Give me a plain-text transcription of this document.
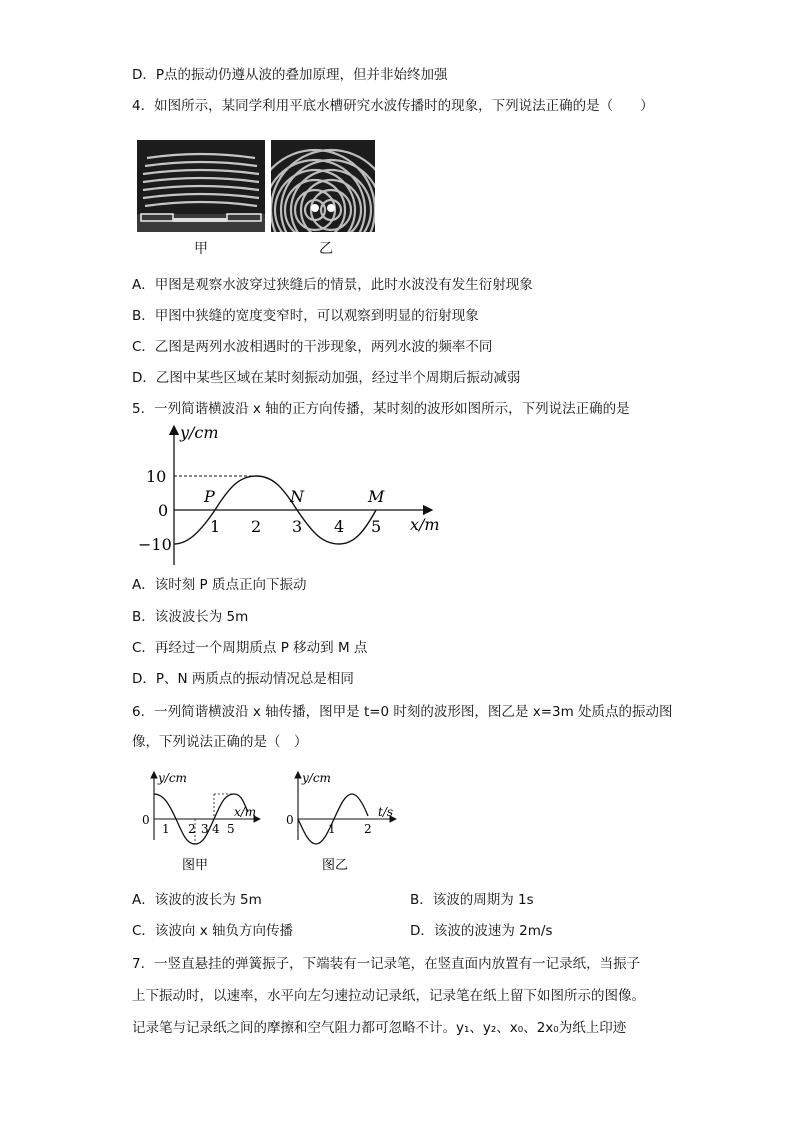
D．P点的振动仍遵从波的叠加原理，但并非始终加强
4．如图所示，某同学利用平底水槽研究水波传播时的现象，下列说法正确的是（　　）
甲	乙
A．甲图是观察水波穿过狭缝后的情景，此时水波没有发生衍射现象
B．甲图中狭缝的宽度变窄时，可以观察到明显的衍射现象
C．乙图是两列水波相遇时的干涉现象，两列水波的频率不同
D．乙图中某些区域在某时刻振动加强，经过半个周期后振动减弱
5．一列简谐横波沿 x 轴的正方向传播，某时刻的波形如图所示，下列说法正确的是
y/cm
x/m
10
0
−10
1 2 3 4 5
P	N	M
A．该时刻 P 质点正向下振动
B．该波波长为 5m
C．再经过一个周期质点 P 移动到 M 点
D．P、N 两质点的振动情况总是相同
6．一列简谐横波沿 x 轴传播，图甲是 t=0 时刻的波形图，图乙是 x=3m 处质点的振动图
像，下列说法正确的是（　）
y/cm
x/m
0
1 2 3 4 5
图甲
y/cm
t/s
0
1 2
图乙
A．该波的波长为 5m	B．该波的周期为 1s
C．该波向 x 轴负方向传播	D．该波的波速为 2m/s
7．一竖直悬挂的弹簧振子，下端装有一记录笔，在竖直面内放置有一记录纸，当振子
上下振动时，以速率，水平向左匀速拉动记录纸，记录笔在纸上留下如图所示的图像。
记录笔与记录纸之间的摩擦和空气阻力都可忽略不计。y₁、y₂、x₀、2x₀为纸上印迹
